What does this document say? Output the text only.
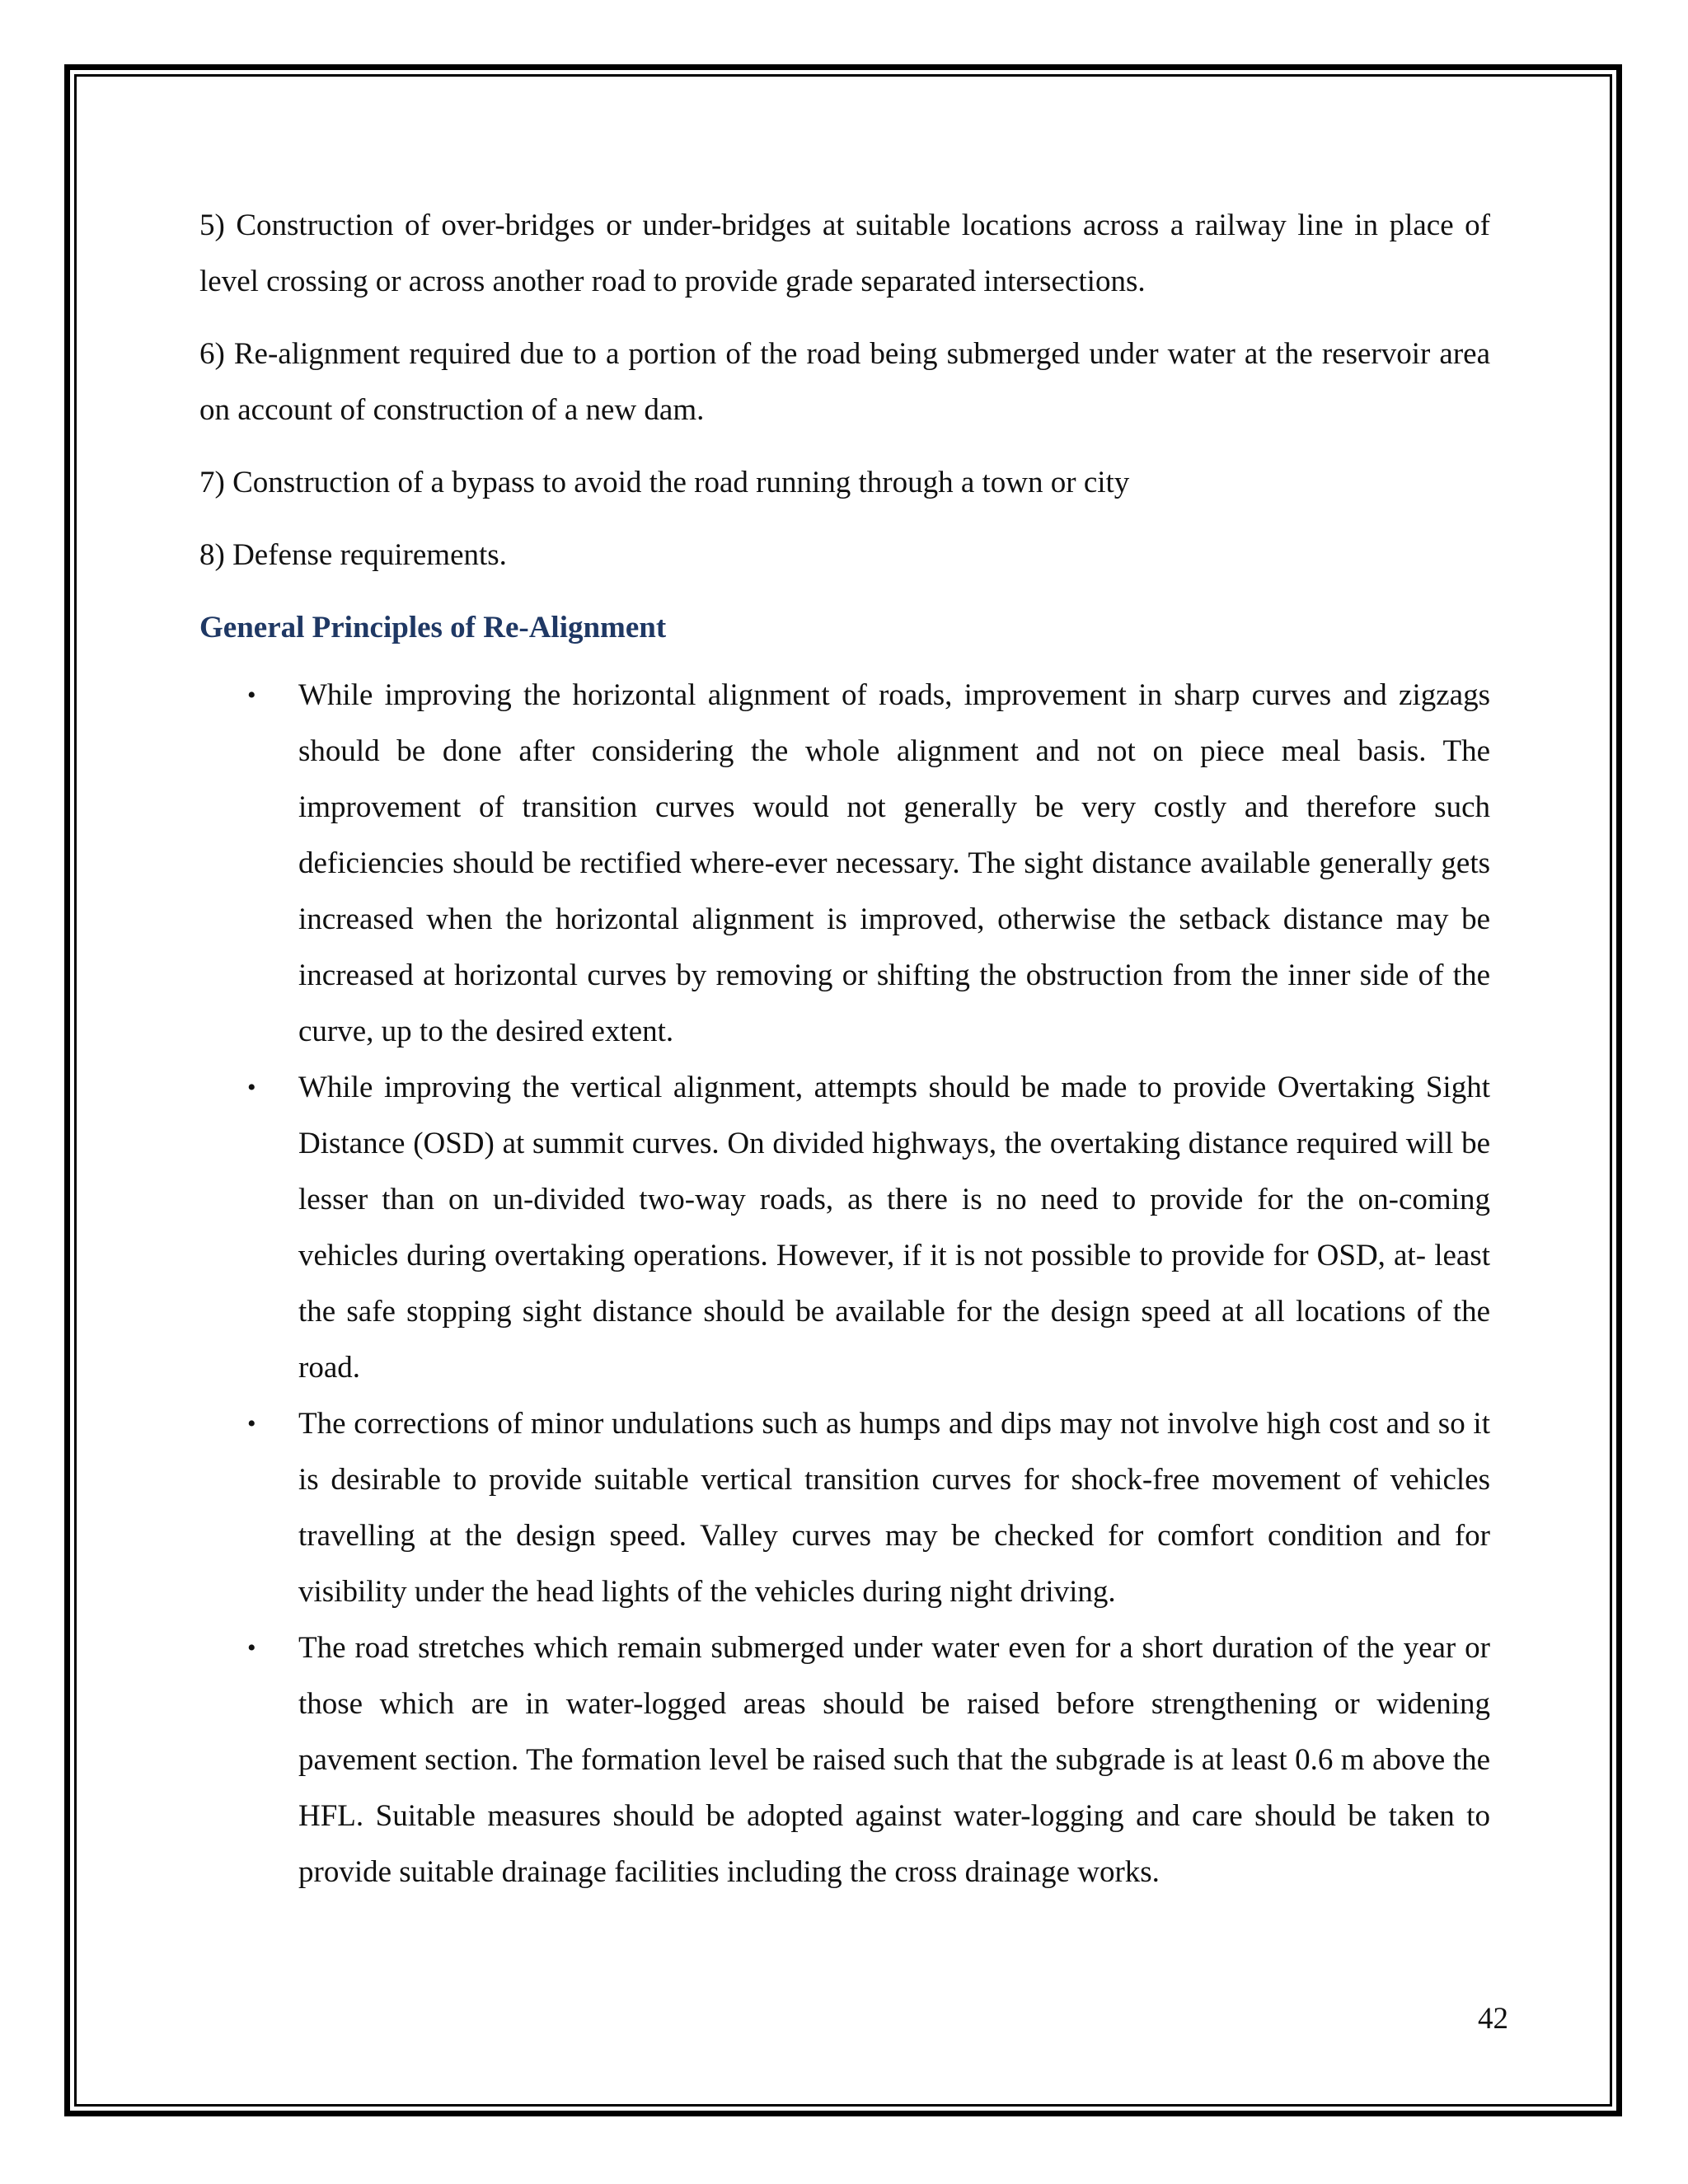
5) Construction of over-bridges or under-bridges at suitable locations across a railway line in place of level crossing or across another road to provide grade separated intersections.

6) Re-alignment required due to a portion of the road being submerged under water at the reservoir area on account of construction of a new dam.

7) Construction of a bypass to avoid the road running through a town or city

8) Defense requirements.

General Principles of Re-Alignment
• While improving the horizontal alignment of roads, improvement in sharp curves and zigzags should be done after considering the whole alignment and not on piece meal basis. The improvement of transition curves would not generally be very costly and therefore such deficiencies should be rectified where-ever necessary. The sight distance available generally gets increased when the horizontal alignment is improved, otherwise the setback distance may be increased at horizontal curves by removing or shifting the obstruction from the inner side of the curve, up to the desired extent.
• While improving the vertical alignment, attempts should be made to provide Overtaking Sight Distance (OSD) at summit curves. On divided highways, the overtaking distance required will be lesser than on un-divided two-way roads, as there is no need to provide for the on-coming vehicles during overtaking operations. However, if it is not possible to provide for OSD, at- least the safe stopping sight distance should be available for the design speed at all locations of the road.
• The corrections of minor undulations such as humps and dips may not involve high cost and so it is desirable to provide suitable vertical transition curves for shock-free movement of vehicles travelling at the design speed. Valley curves may be checked for comfort condition and for visibility under the head lights of the vehicles during night driving.
• The road stretches which remain submerged under water even for a short duration of the year or those which are in water-logged areas should be raised before strengthening or widening pavement section. The formation level be raised such that the subgrade is at least 0.6 m above the HFL. Suitable measures should be adopted against water-logging and care should be taken to provide suitable drainage facilities including the cross drainage works.
42
